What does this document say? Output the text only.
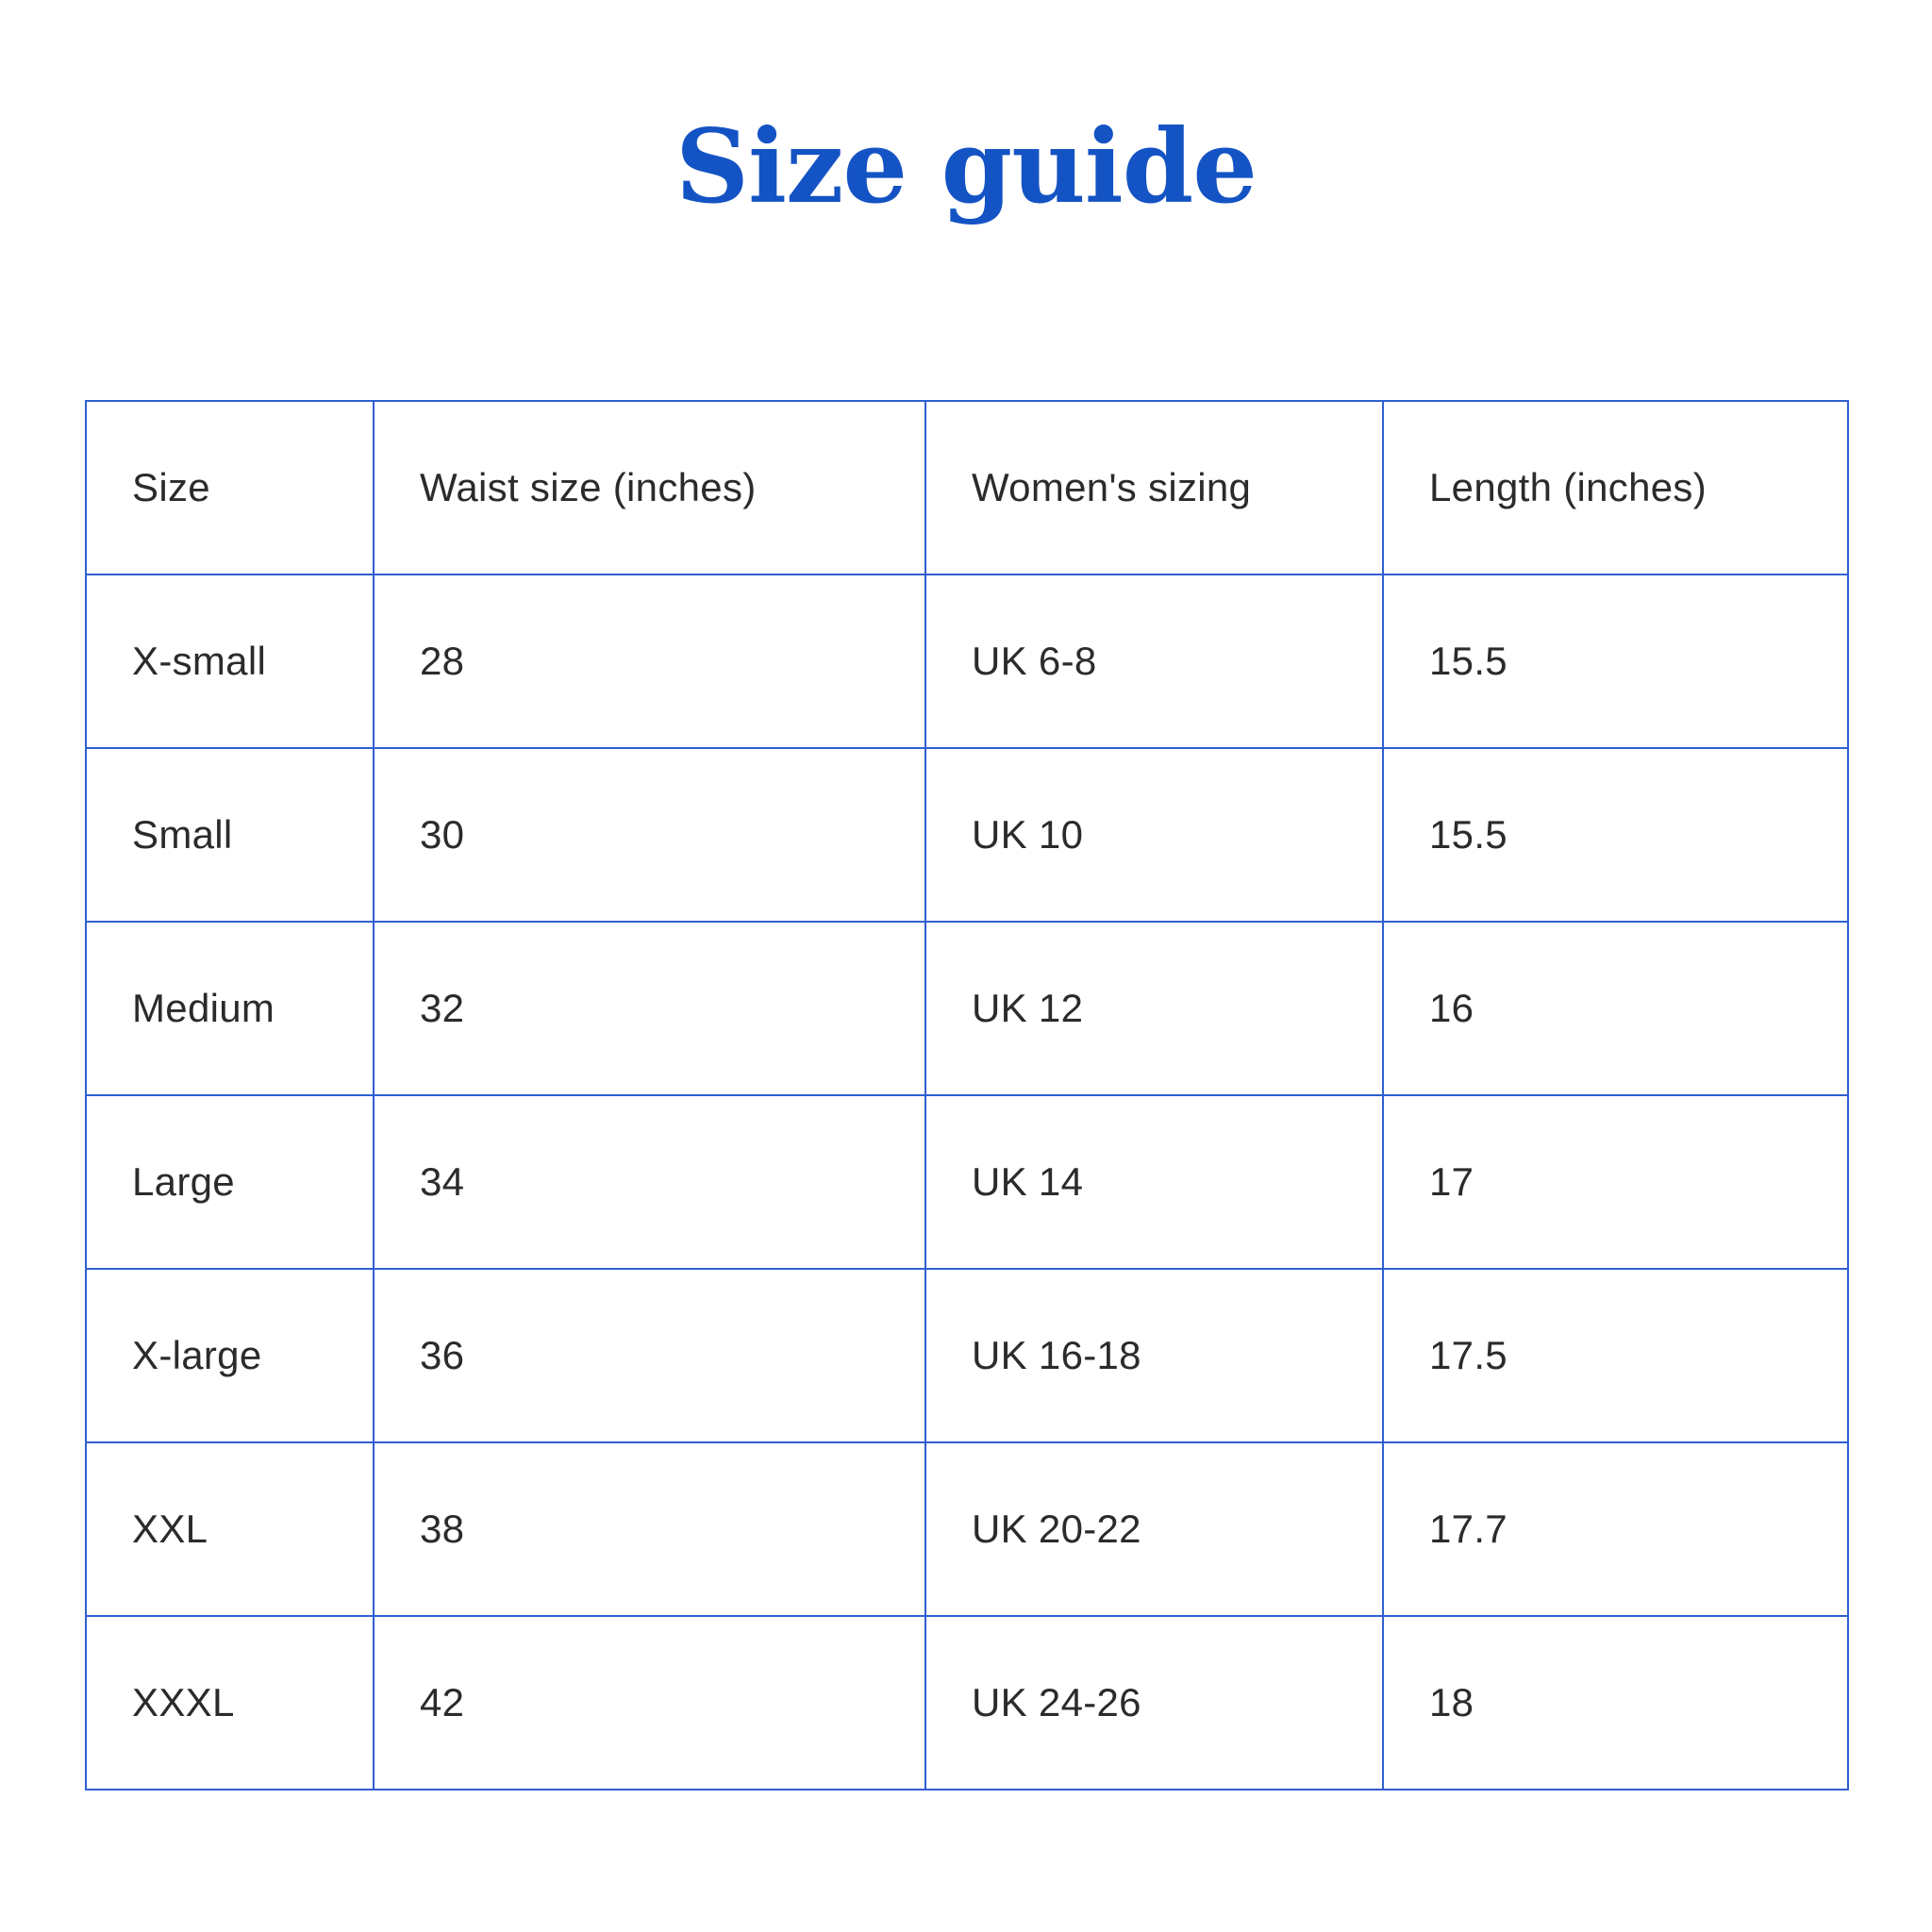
Size guide
Size	Waist size (inches)	Women's sizing	Length (inches)
X-small	28	UK 6-8	15.5
Small	30	UK 10	15.5
Medium	32	UK 12	16
Large	34	UK 14	17
X-large	36	UK 16-18	17.5
XXL	38	UK 20-22	17.7
XXXL	42	UK 24-26	18
